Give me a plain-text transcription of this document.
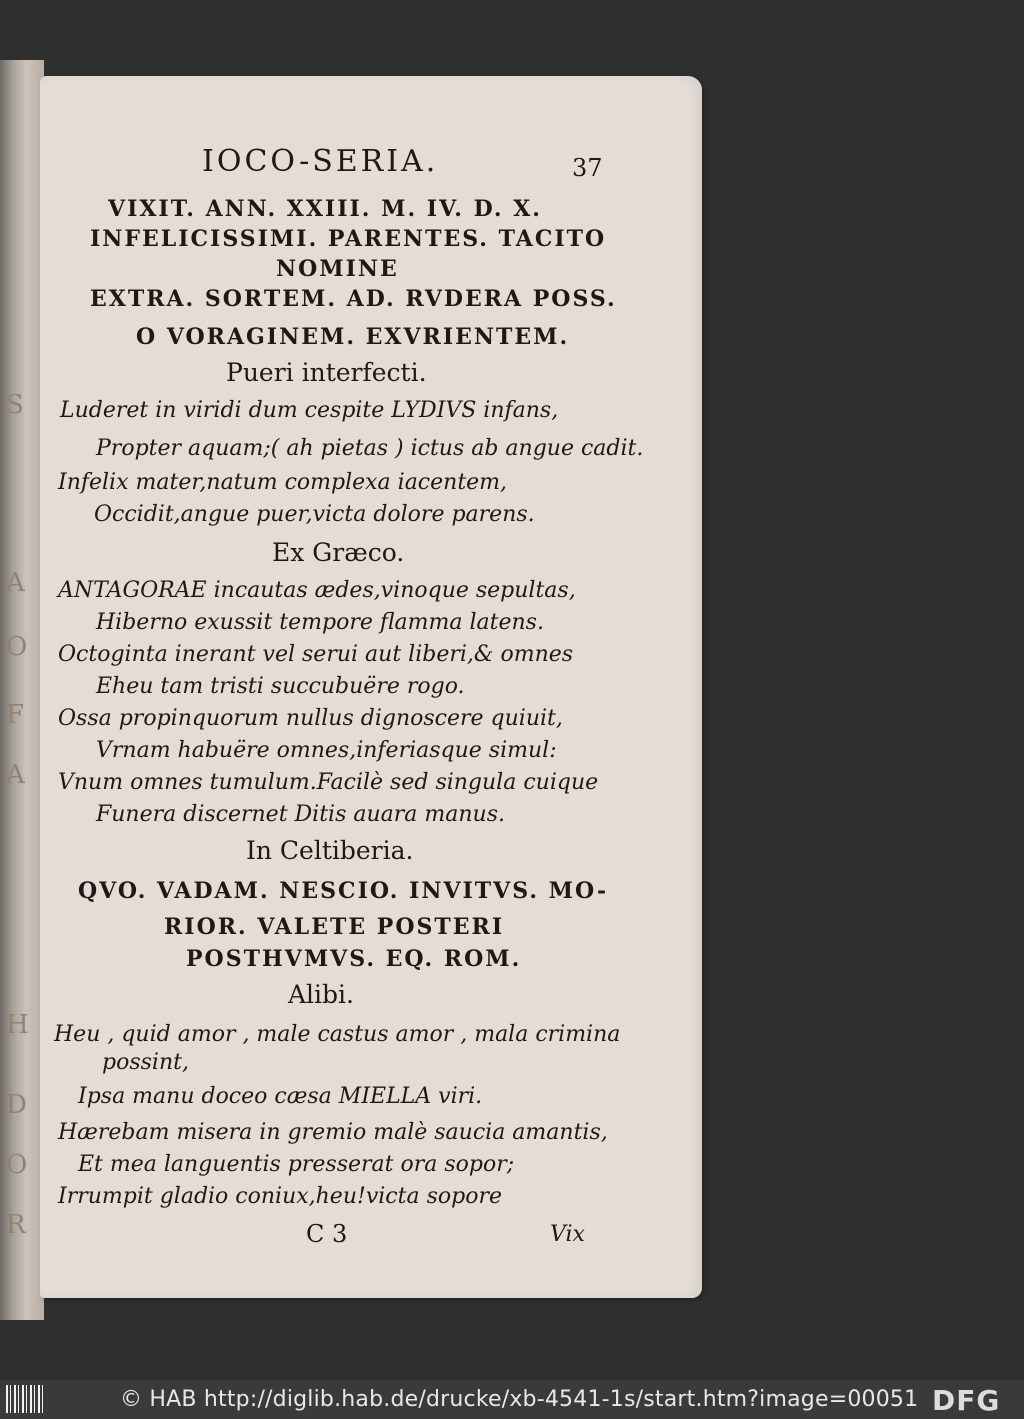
S
A
O
F
A
H
D
O
R
IOCO-SERIA.	37
VIXIT. ANN. XXIII. M. IV. D. X.
INFELICISSIMI. PARENTES. TACITO
NOMINE
EXTRA. SORTEM. AD. RVDERA POSS.
O VORAGINEM. EXVRIENTEM.
Pueri interfecti.
Luderet in viridi dum cespite LYDIVS infans,
Propter aquam;( ah pietas ) ictus ab angue cadit.
Infelix mater,natum complexa iacentem,
Occidit,angue puer,victa dolore parens.
Ex Græco.
ANTAGORAE incautas ædes,vinoque sepultas,
Hiberno exussit tempore flamma latens.
Octoginta inerant vel serui aut liberi,& omnes
Eheu tam tristi succubuëre rogo.
Ossa propinquorum nullus dignoscere quiuit,
Vrnam habuëre omnes,inferiasque simul:
Vnum omnes tumulum.Facilè sed singula cuique
Funera discernet Ditis auara manus.
In Celtiberia.
QVO. VADAM. NESCIO. INVITVS. MO-
RIOR. VALETE POSTERI
POSTHVMVS. EQ. ROM.
Alibi.
Heu , quid amor , male castus amor , mala crimina
possint,
Ipsa manu doceo cæsa MIELLA viri.
Hærebam misera in gremio malè saucia amantis,
Et mea languentis presserat ora sopor;
Irrumpit gladio coniux,heu!victa sopore
C 3	Vix
© HAB http://diglib.hab.de/drucke/xb-4541-1s/start.htm?image=00051 DFG
